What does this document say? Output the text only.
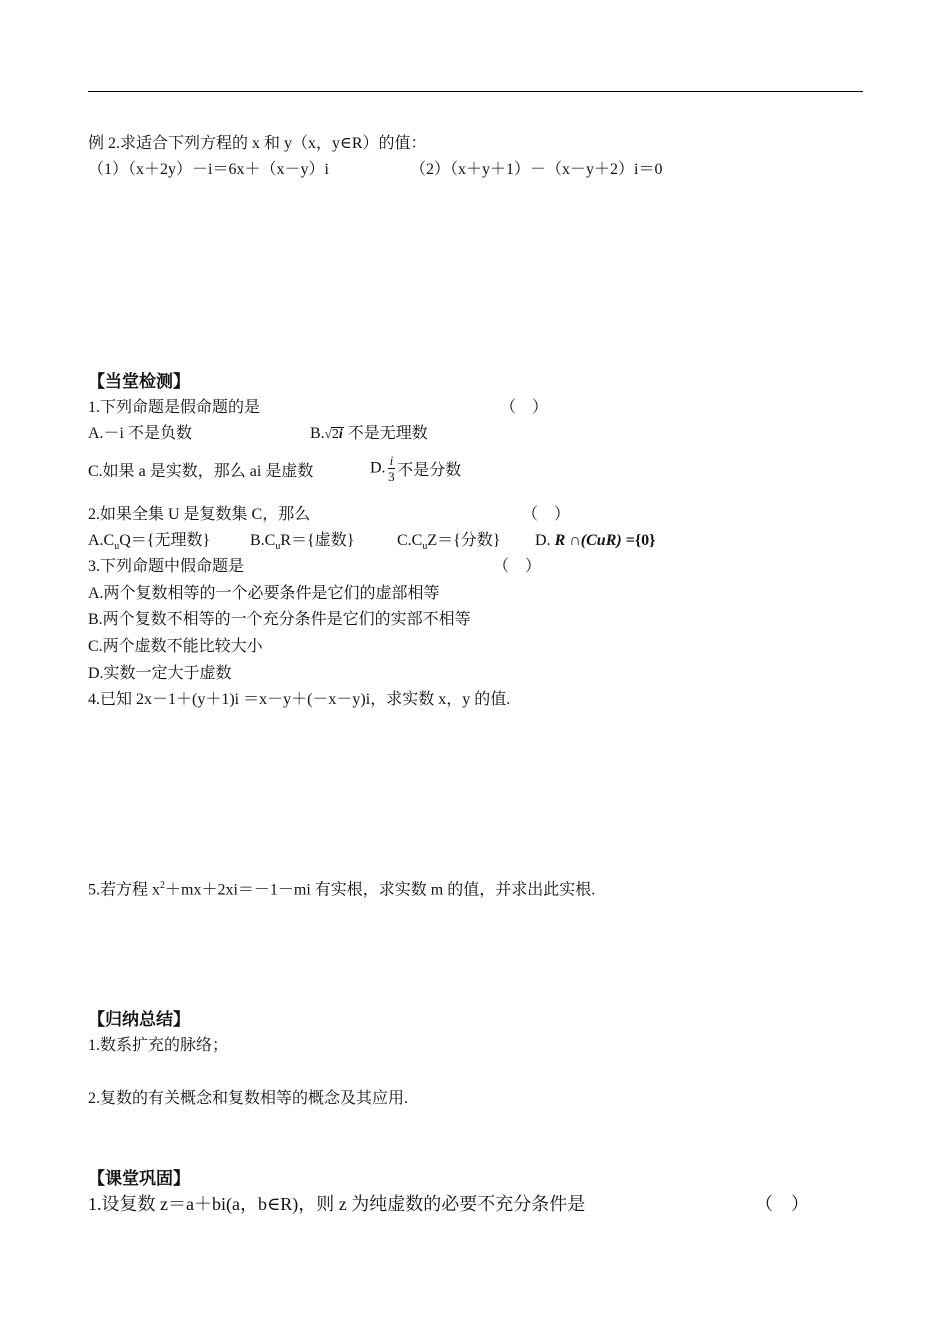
例 2.求适合下列方程的 x 和 y（x，y∈R）的值：
（1）（x＋2y）－i＝6x＋（x－y）i	（2）（x＋y＋1）－（x－y＋2）i＝0
【当堂检测】
1.下列命题是假命题的是	（　）
A.－i 不是负数	B.√2i 不是无理数
C.如果 a 是实数，那么 ai 是虚数	D. $\frac{i}{3}$ 不是分数
2.如果全集 U 是复数集 C，那么	（　）
$A.C_uQ=${无理数} $B.C_uR=${虚数}	$C.C_uZ=${分数} D. R ∩(CuR) ={0}
3.下列命题中假命题是	（　）
A.两个复数相等的一个必要条件是它们的虚部相等
B.两个复数不相等的一个充分条件是它们的实部不相等
C.两个虚数不能比较大小
D.实数一定大于虚数
4.已知 2x－1＋(y＋1)i ＝x－y＋(－x－y)i，求实数 x，y 的值.
5.若方程 $x^2+mx+2xi=-1-mi$ 有实根，求实数 m 的值，并求出此实根.
【归纳总结】
1.数系扩充的脉络；
2.复数的有关概念和复数相等的概念及其应用.
【课堂巩固】
1.设复数 z＝a＋bi(a，b∈R)，则 z 为纯虚数的必要不充分条件是	（　）
